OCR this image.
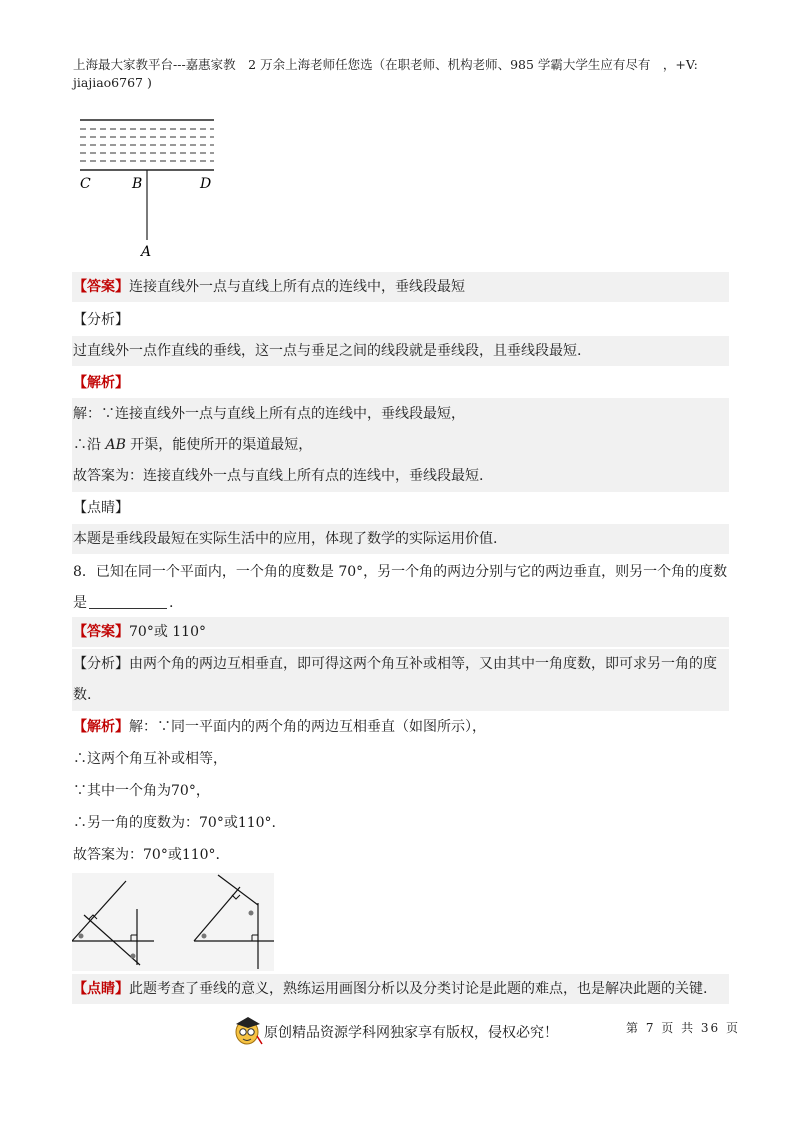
上海最大家教平台---嘉惠家教　2 万余上海老师任您选（在职老师、机构老师、985 学霸大学生应有尽有　，+V:
jiajiao6767 )
C	B	D
A
【答案】连接直线外一点与直线上所有点的连线中，垂线段最短
【分析】
过直线外一点作直线的垂线，这一点与垂足之间的线段就是垂线段，且垂线段最短.
【解析】
解：∵连接直线外一点与直线上所有点的连线中，垂线段最短，
∴沿 AB 开渠，能使所开的渠道最短，
故答案为：连接直线外一点与直线上所有点的连线中，垂线段最短.
【点睛】
本题是垂线段最短在实际生活中的应用，体现了数学的实际运用价值.
8．已知在同一个平面内，一个角的度数是 70°，另一个角的两边分别与它的两边垂直，则另一个角的度数
是	.
【答案】70°或 110°
【分析】由两个角的两边互相垂直，即可得这两个角互补或相等，又由其中一角度数，即可求另一角的度
数.
【解析】解：∵同一平面内的两个角的两边互相垂直（如图所示），
∴这两个角互补或相等，
∵其中一个角为70°，
∴另一角的度数为：70°或110°.
故答案为：70°或110°.
【点睛】此题考查了垂线的意义，熟练运用画图分析以及分类讨论是此题的难点，也是解决此题的关键.
原创精品资源学科网独家享有版权，侵权必究！	第 7 页 共 36 页
